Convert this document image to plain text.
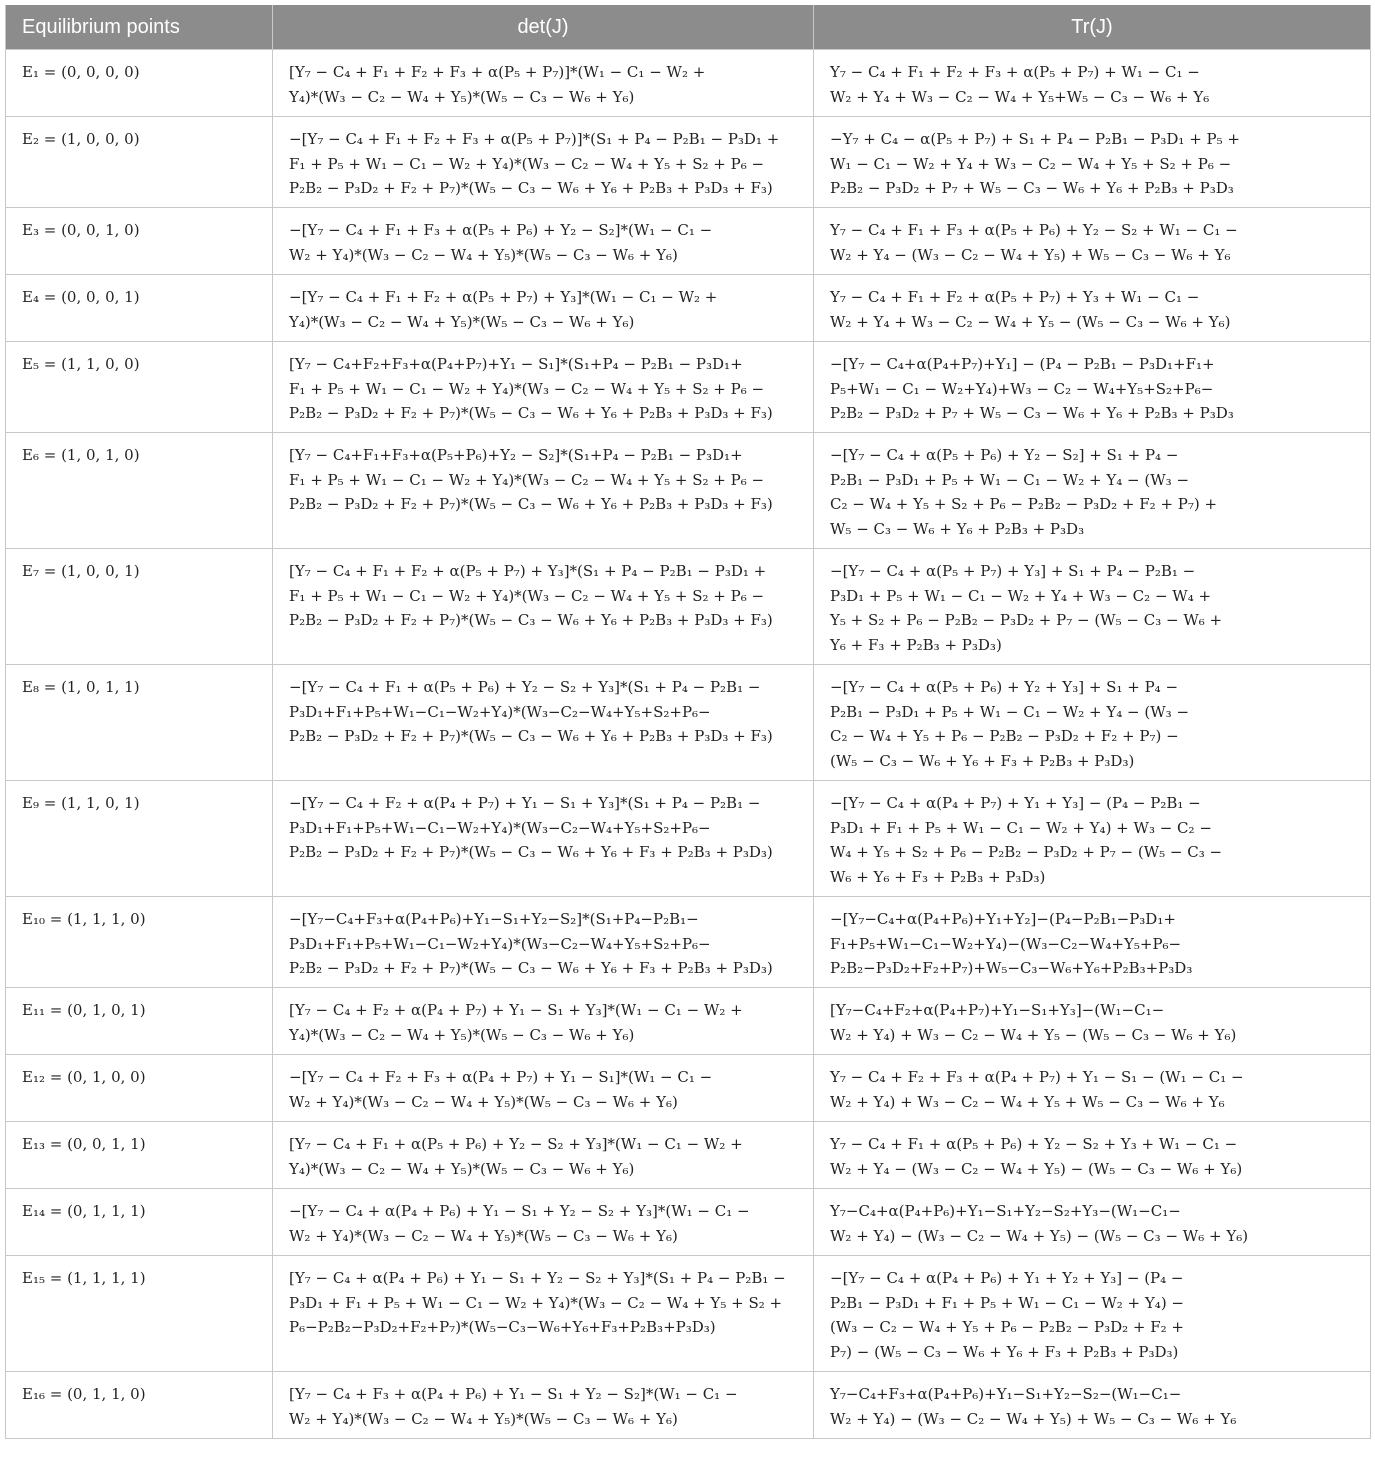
Equilibrium points	det(J)	Tr(J)
E₁ = (0, 0, 0, 0)	[Y₇ − C₄ + F₁ + F₂ + F₃ + α(P₅ + P₇)]*(W₁ − C₁ − W₂ +
Y₄)*(W₃ − C₂ − W₄ + Y₅)*(W₅ − C₃ − W₆ + Y₆)	Y₇ − C₄ + F₁ + F₂ + F₃ + α(P₅ + P₇) + W₁ − C₁ −
W₂ + Y₄ + W₃ − C₂ − W₄ + Y₅+W₅ − C₃ − W₆ + Y₆
E₂ = (1, 0, 0, 0)	−[Y₇ − C₄ + F₁ + F₂ + F₃ + α(P₅ + P₇)]*(S₁ + P₄ − P₂B₁ − P₃D₁ +
F₁ + P₅ + W₁ − C₁ − W₂ + Y₄)*(W₃ − C₂ − W₄ + Y₅ + S₂ + P₆ −
P₂B₂ − P₃D₂ + F₂ + P₇)*(W₅ − C₃ − W₆ + Y₆ + P₂B₃ + P₃D₃ + F₃)	−Y₇ + C₄ − α(P₅ + P₇) + S₁ + P₄ − P₂B₁ − P₃D₁ + P₅ +
W₁ − C₁ − W₂ + Y₄ + W₃ − C₂ − W₄ + Y₅ + S₂ + P₆ −
P₂B₂ − P₃D₂ + P₇ + W₅ − C₃ − W₆ + Y₆ + P₂B₃ + P₃D₃
E₃ = (0, 0, 1, 0)	−[Y₇ − C₄ + F₁ + F₃ + α(P₅ + P₆) + Y₂ − S₂]*(W₁ − C₁ −
W₂ + Y₄)*(W₃ − C₂ − W₄ + Y₅)*(W₅ − C₃ − W₆ + Y₆)	Y₇ − C₄ + F₁ + F₃ + α(P₅ + P₆) + Y₂ − S₂ + W₁ − C₁ −
W₂ + Y₄ − (W₃ − C₂ − W₄ + Y₅) + W₅ − C₃ − W₆ + Y₆
E₄ = (0, 0, 0, 1)	−[Y₇ − C₄ + F₁ + F₂ + α(P₅ + P₇) + Y₃]*(W₁ − C₁ − W₂ +
Y₄)*(W₃ − C₂ − W₄ + Y₅)*(W₅ − C₃ − W₆ + Y₆)	Y₇ − C₄ + F₁ + F₂ + α(P₅ + P₇) + Y₃ + W₁ − C₁ −
W₂ + Y₄ + W₃ − C₂ − W₄ + Y₅ − (W₅ − C₃ − W₆ + Y₆)
E₅ = (1, 1, 0, 0)	[Y₇ − C₄+F₂+F₃+α(P₄+P₇)+Y₁ − S₁]*(S₁+P₄ − P₂B₁ − P₃D₁+
F₁ + P₅ + W₁ − C₁ − W₂ + Y₄)*(W₃ − C₂ − W₄ + Y₅ + S₂ + P₆ −
P₂B₂ − P₃D₂ + F₂ + P₇)*(W₅ − C₃ − W₆ + Y₆ + P₂B₃ + P₃D₃ + F₃)	−[Y₇ − C₄+α(P₄+P₇)+Y₁] − (P₄ − P₂B₁ − P₃D₁+F₁+
P₅+W₁ − C₁ − W₂+Y₄)+W₃ − C₂ − W₄+Y₅+S₂+P₆−
P₂B₂ − P₃D₂ + P₇ + W₅ − C₃ − W₆ + Y₆ + P₂B₃ + P₃D₃
E₆ = (1, 0, 1, 0)	[Y₇ − C₄+F₁+F₃+α(P₅+P₆)+Y₂ − S₂]*(S₁+P₄ − P₂B₁ − P₃D₁+
F₁ + P₅ + W₁ − C₁ − W₂ + Y₄)*(W₃ − C₂ − W₄ + Y₅ + S₂ + P₆ −
P₂B₂ − P₃D₂ + F₂ + P₇)*(W₅ − C₃ − W₆ + Y₆ + P₂B₃ + P₃D₃ + F₃)	−[Y₇ − C₄ + α(P₅ + P₆) + Y₂ − S₂] + S₁ + P₄ −
P₂B₁ − P₃D₁ + P₅ + W₁ − C₁ − W₂ + Y₄ − (W₃ −
C₂ − W₄ + Y₅ + S₂ + P₆ − P₂B₂ − P₃D₂ + F₂ + P₇) +
W₅ − C₃ − W₆ + Y₆ + P₂B₃ + P₃D₃
E₇ = (1, 0, 0, 1)	[Y₇ − C₄ + F₁ + F₂ + α(P₅ + P₇) + Y₃]*(S₁ + P₄ − P₂B₁ − P₃D₁ +
F₁ + P₅ + W₁ − C₁ − W₂ + Y₄)*(W₃ − C₂ − W₄ + Y₅ + S₂ + P₆ −
P₂B₂ − P₃D₂ + F₂ + P₇)*(W₅ − C₃ − W₆ + Y₆ + P₂B₃ + P₃D₃ + F₃)	−[Y₇ − C₄ + α(P₅ + P₇) + Y₃] + S₁ + P₄ − P₂B₁ −
P₃D₁ + P₅ + W₁ − C₁ − W₂ + Y₄ + W₃ − C₂ − W₄ +
Y₅ + S₂ + P₆ − P₂B₂ − P₃D₂ + P₇ − (W₅ − C₃ − W₆ +
Y₆ + F₃ + P₂B₃ + P₃D₃)
E₈ = (1, 0, 1, 1)	−[Y₇ − C₄ + F₁ + α(P₅ + P₆) + Y₂ − S₂ + Y₃]*(S₁ + P₄ − P₂B₁ −
P₃D₁+F₁+P₅+W₁−C₁−W₂+Y₄)*(W₃−C₂−W₄+Y₅+S₂+P₆−
P₂B₂ − P₃D₂ + F₂ + P₇)*(W₅ − C₃ − W₆ + Y₆ + P₂B₃ + P₃D₃ + F₃)	−[Y₇ − C₄ + α(P₅ + P₆) + Y₂ + Y₃] + S₁ + P₄ −
P₂B₁ − P₃D₁ + P₅ + W₁ − C₁ − W₂ + Y₄ − (W₃ −
C₂ − W₄ + Y₅ + P₆ − P₂B₂ − P₃D₂ + F₂ + P₇) −
(W₅ − C₃ − W₆ + Y₆ + F₃ + P₂B₃ + P₃D₃)
E₉ = (1, 1, 0, 1)	−[Y₇ − C₄ + F₂ + α(P₄ + P₇) + Y₁ − S₁ + Y₃]*(S₁ + P₄ − P₂B₁ −
P₃D₁+F₁+P₅+W₁−C₁−W₂+Y₄)*(W₃−C₂−W₄+Y₅+S₂+P₆−
P₂B₂ − P₃D₂ + F₂ + P₇)*(W₅ − C₃ − W₆ + Y₆ + F₃ + P₂B₃ + P₃D₃)	−[Y₇ − C₄ + α(P₄ + P₇) + Y₁ + Y₃] − (P₄ − P₂B₁ −
P₃D₁ + F₁ + P₅ + W₁ − C₁ − W₂ + Y₄) + W₃ − C₂ −
W₄ + Y₅ + S₂ + P₆ − P₂B₂ − P₃D₂ + P₇ − (W₅ − C₃ −
W₆ + Y₆ + F₃ + P₂B₃ + P₃D₃)
E₁₀ = (1, 1, 1, 0)	−[Y₇−C₄+F₃+α(P₄+P₆)+Y₁−S₁+Y₂−S₂]*(S₁+P₄−P₂B₁−
P₃D₁+F₁+P₅+W₁−C₁−W₂+Y₄)*(W₃−C₂−W₄+Y₅+S₂+P₆−
P₂B₂ − P₃D₂ + F₂ + P₇)*(W₅ − C₃ − W₆ + Y₆ + F₃ + P₂B₃ + P₃D₃)	−[Y₇−C₄+α(P₄+P₆)+Y₁+Y₂]−(P₄−P₂B₁−P₃D₁+
F₁+P₅+W₁−C₁−W₂+Y₄)−(W₃−C₂−W₄+Y₅+P₆−
P₂B₂−P₃D₂+F₂+P₇)+W₅−C₃−W₆+Y₆+P₂B₃+P₃D₃
E₁₁ = (0, 1, 0, 1)	[Y₇ − C₄ + F₂ + α(P₄ + P₇) + Y₁ − S₁ + Y₃]*(W₁ − C₁ − W₂ +
Y₄)*(W₃ − C₂ − W₄ + Y₅)*(W₅ − C₃ − W₆ + Y₆)	[Y₇−C₄+F₂+α(P₄+P₇)+Y₁−S₁+Y₃]−(W₁−C₁−
W₂ + Y₄) + W₃ − C₂ − W₄ + Y₅ − (W₅ − C₃ − W₆ + Y₆)
E₁₂ = (0, 1, 0, 0)	−[Y₇ − C₄ + F₂ + F₃ + α(P₄ + P₇) + Y₁ − S₁]*(W₁ − C₁ −
W₂ + Y₄)*(W₃ − C₂ − W₄ + Y₅)*(W₅ − C₃ − W₆ + Y₆)	Y₇ − C₄ + F₂ + F₃ + α(P₄ + P₇) + Y₁ − S₁ − (W₁ − C₁ −
W₂ + Y₄) + W₃ − C₂ − W₄ + Y₅ + W₅ − C₃ − W₆ + Y₆
E₁₃ = (0, 0, 1, 1)	[Y₇ − C₄ + F₁ + α(P₅ + P₆) + Y₂ − S₂ + Y₃]*(W₁ − C₁ − W₂ +
Y₄)*(W₃ − C₂ − W₄ + Y₅)*(W₅ − C₃ − W₆ + Y₆)	Y₇ − C₄ + F₁ + α(P₅ + P₆) + Y₂ − S₂ + Y₃ + W₁ − C₁ −
W₂ + Y₄ − (W₃ − C₂ − W₄ + Y₅) − (W₅ − C₃ − W₆ + Y₆)
E₁₄ = (0, 1, 1, 1)	−[Y₇ − C₄ + α(P₄ + P₆) + Y₁ − S₁ + Y₂ − S₂ + Y₃]*(W₁ − C₁ −
W₂ + Y₄)*(W₃ − C₂ − W₄ + Y₅)*(W₅ − C₃ − W₆ + Y₆)	Y₇−C₄+α(P₄+P₆)+Y₁−S₁+Y₂−S₂+Y₃−(W₁−C₁−
W₂ + Y₄) − (W₃ − C₂ − W₄ + Y₅) − (W₅ − C₃ − W₆ + Y₆)
E₁₅ = (1, 1, 1, 1)	[Y₇ − C₄ + α(P₄ + P₆) + Y₁ − S₁ + Y₂ − S₂ + Y₃]*(S₁ + P₄ − P₂B₁ −
P₃D₁ + F₁ + P₅ + W₁ − C₁ − W₂ + Y₄)*(W₃ − C₂ − W₄ + Y₅ + S₂ +
P₆−P₂B₂−P₃D₂+F₂+P₇)*(W₅−C₃−W₆+Y₆+F₃+P₂B₃+P₃D₃)	−[Y₇ − C₄ + α(P₄ + P₆) + Y₁ + Y₂ + Y₃] − (P₄ −
P₂B₁ − P₃D₁ + F₁ + P₅ + W₁ − C₁ − W₂ + Y₄) −
(W₃ − C₂ − W₄ + Y₅ + P₆ − P₂B₂ − P₃D₂ + F₂ +
P₇) − (W₅ − C₃ − W₆ + Y₆ + F₃ + P₂B₃ + P₃D₃)
E₁₆ = (0, 1, 1, 0)	[Y₇ − C₄ + F₃ + α(P₄ + P₆) + Y₁ − S₁ + Y₂ − S₂]*(W₁ − C₁ −
W₂ + Y₄)*(W₃ − C₂ − W₄ + Y₅)*(W₅ − C₃ − W₆ + Y₆)	Y₇−C₄+F₃+α(P₄+P₆)+Y₁−S₁+Y₂−S₂−(W₁−C₁−
W₂ + Y₄) − (W₃ − C₂ − W₄ + Y₅) + W₅ − C₃ − W₆ + Y₆
